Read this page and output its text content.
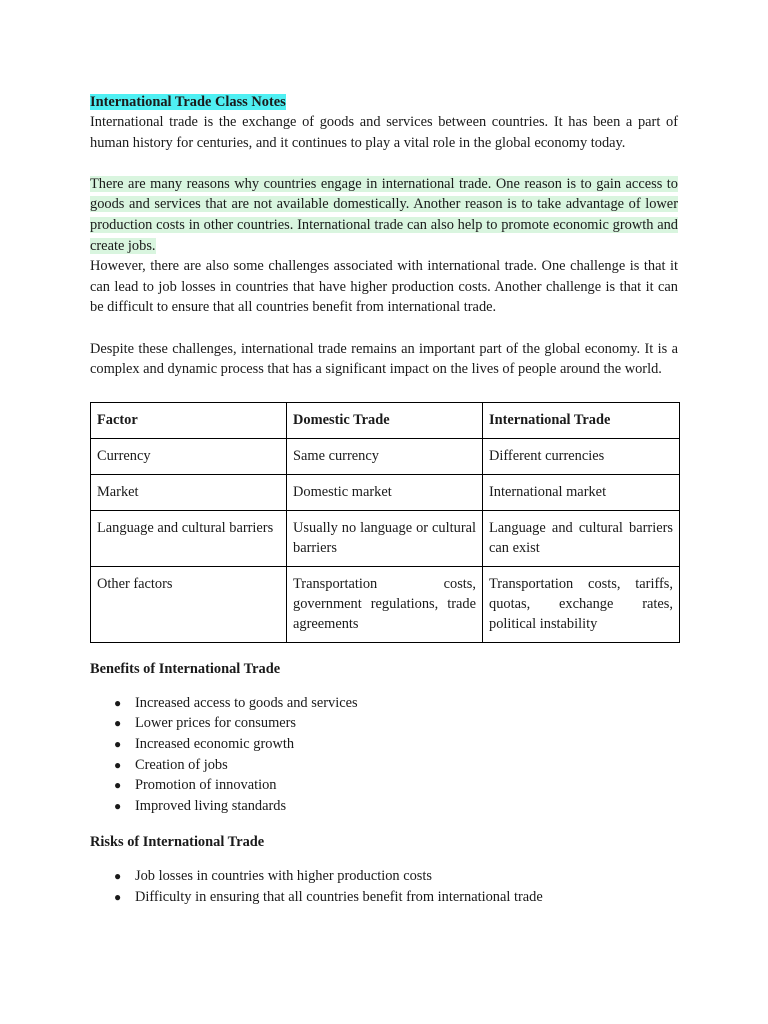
International Trade Class Notes

International trade is the exchange of goods and services between countries. It has been a part of human history for centuries, and it continues to play a vital role in the global economy today.

There are many reasons why countries engage in international trade. One reason is to gain access to goods and services that are not available domestically. Another reason is to take advantage of lower production costs in other countries. International trade can also help to promote economic growth and create jobs.

However, there are also some challenges associated with international trade. One challenge is that it can lead to job losses in countries that have higher production costs. Another challenge is that it can be difficult to ensure that all countries benefit from international trade.

Despite these challenges, international trade remains an important part of the global economy. It is a complex and dynamic process that has a significant impact on the lives of people around the world.

Factor	Domestic Trade	International Trade
Currency	Same currency	Different currencies
Market	Domestic market	International market
Language and cultural barriers	Usually no language or cultural barriers	Language and cultural barriers can exist
Other factors	Transportation costs, government regulations, trade agreements	Transportation costs, tariffs, quotas, exchange rates, political instability
Benefits of International Trade
● Increased access to goods and services
● Lower prices for consumers
● Increased economic growth
● Creation of jobs
● Promotion of innovation
● Improved living standards
Risks of International Trade
● Job losses in countries with higher production costs
● Difficulty in ensuring that all countries benefit from international trade
